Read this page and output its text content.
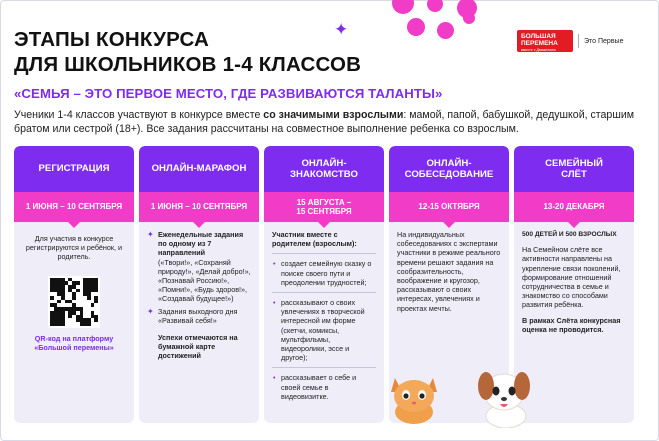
ЭТАПЫ КОНКУРСА
ДЛЯ ШКОЛЬНИКОВ 1-4 КЛАССОВ
✦	БОЛЬШАЯ ПЕРЕМЕНА
вместе с Движением Первых
Это Первые
«СЕМЬЯ – ЭТО ПЕРВОЕ МЕСТО, ГДЕ РАЗВИВАЮТСЯ ТАЛАНТЫ»
Ученики 1-4 классов участвуют в конкурсе вместе со значимыми взрослыми: мамой, папой, бабушкой, дедушкой, старшим братом или сестрой (18+). Все задания рассчитаны на совместное выполнение ребенка со взрослым.
РЕГИСТРАЦИЯ
1 ИЮНЯ – 10 СЕНТЯБРЯ
Для участия в конкурсе регистрируются и ребёнок, и родитель.
QR-код на платформу
«Большой перемены»
ОНЛАЙН-МАРАФОН
1 ИЮНЯ – 10 СЕНТЯБРЯ
✦ Еженедельные задания по одному из 7 направлений
(«Твори!», «Сохраняй природу!», «Делай добро!», «Познавай Россию!», «Помни!», «Будь здоров!», «Создавай будущее!»)
✦ Задания выходного дня «Развивай себя!»
Успехи отмечаются на бумажной карте достижений
ОНЛАЙН-
ЗНАКОМСТВО
15 АВГУСТА –
15 СЕНТЯБРЯ
Участник вместе с родителем (взрослым):
• создает семейную сказку о поиске своего пути и преодолении трудностей;
• рассказывают о своих увлечениях в творческой интересной им форме (скетчи, комиксы, мультфильмы, видеоролики, эссе и другое);
• рассказывает о себе и своей семье в видеовизитке.
ОНЛАЙН-
СОБЕСЕДОВАНИЕ
12-15 ОКТЯБРЯ
На индивидуальных собеседованиях с экспертами участники в режиме реального времени решают задания на сообразительность, воображение и кругозор, рассказывают о своих интересах, увлечениях и проектах мечты.
СЕМЕЙНЫЙ
СЛЁТ
13-20 ДЕКАБРЯ
500 ДЕТЕЙ И 500 ВЗРОСЛЫХ
На Семейном слёте все активности направлены на укрепление связи поколений, формирование отношений сотрудничества в семье и знакомство со способами развития ребёнка.
В рамках Слёта конкурсная оценка не проводится.
